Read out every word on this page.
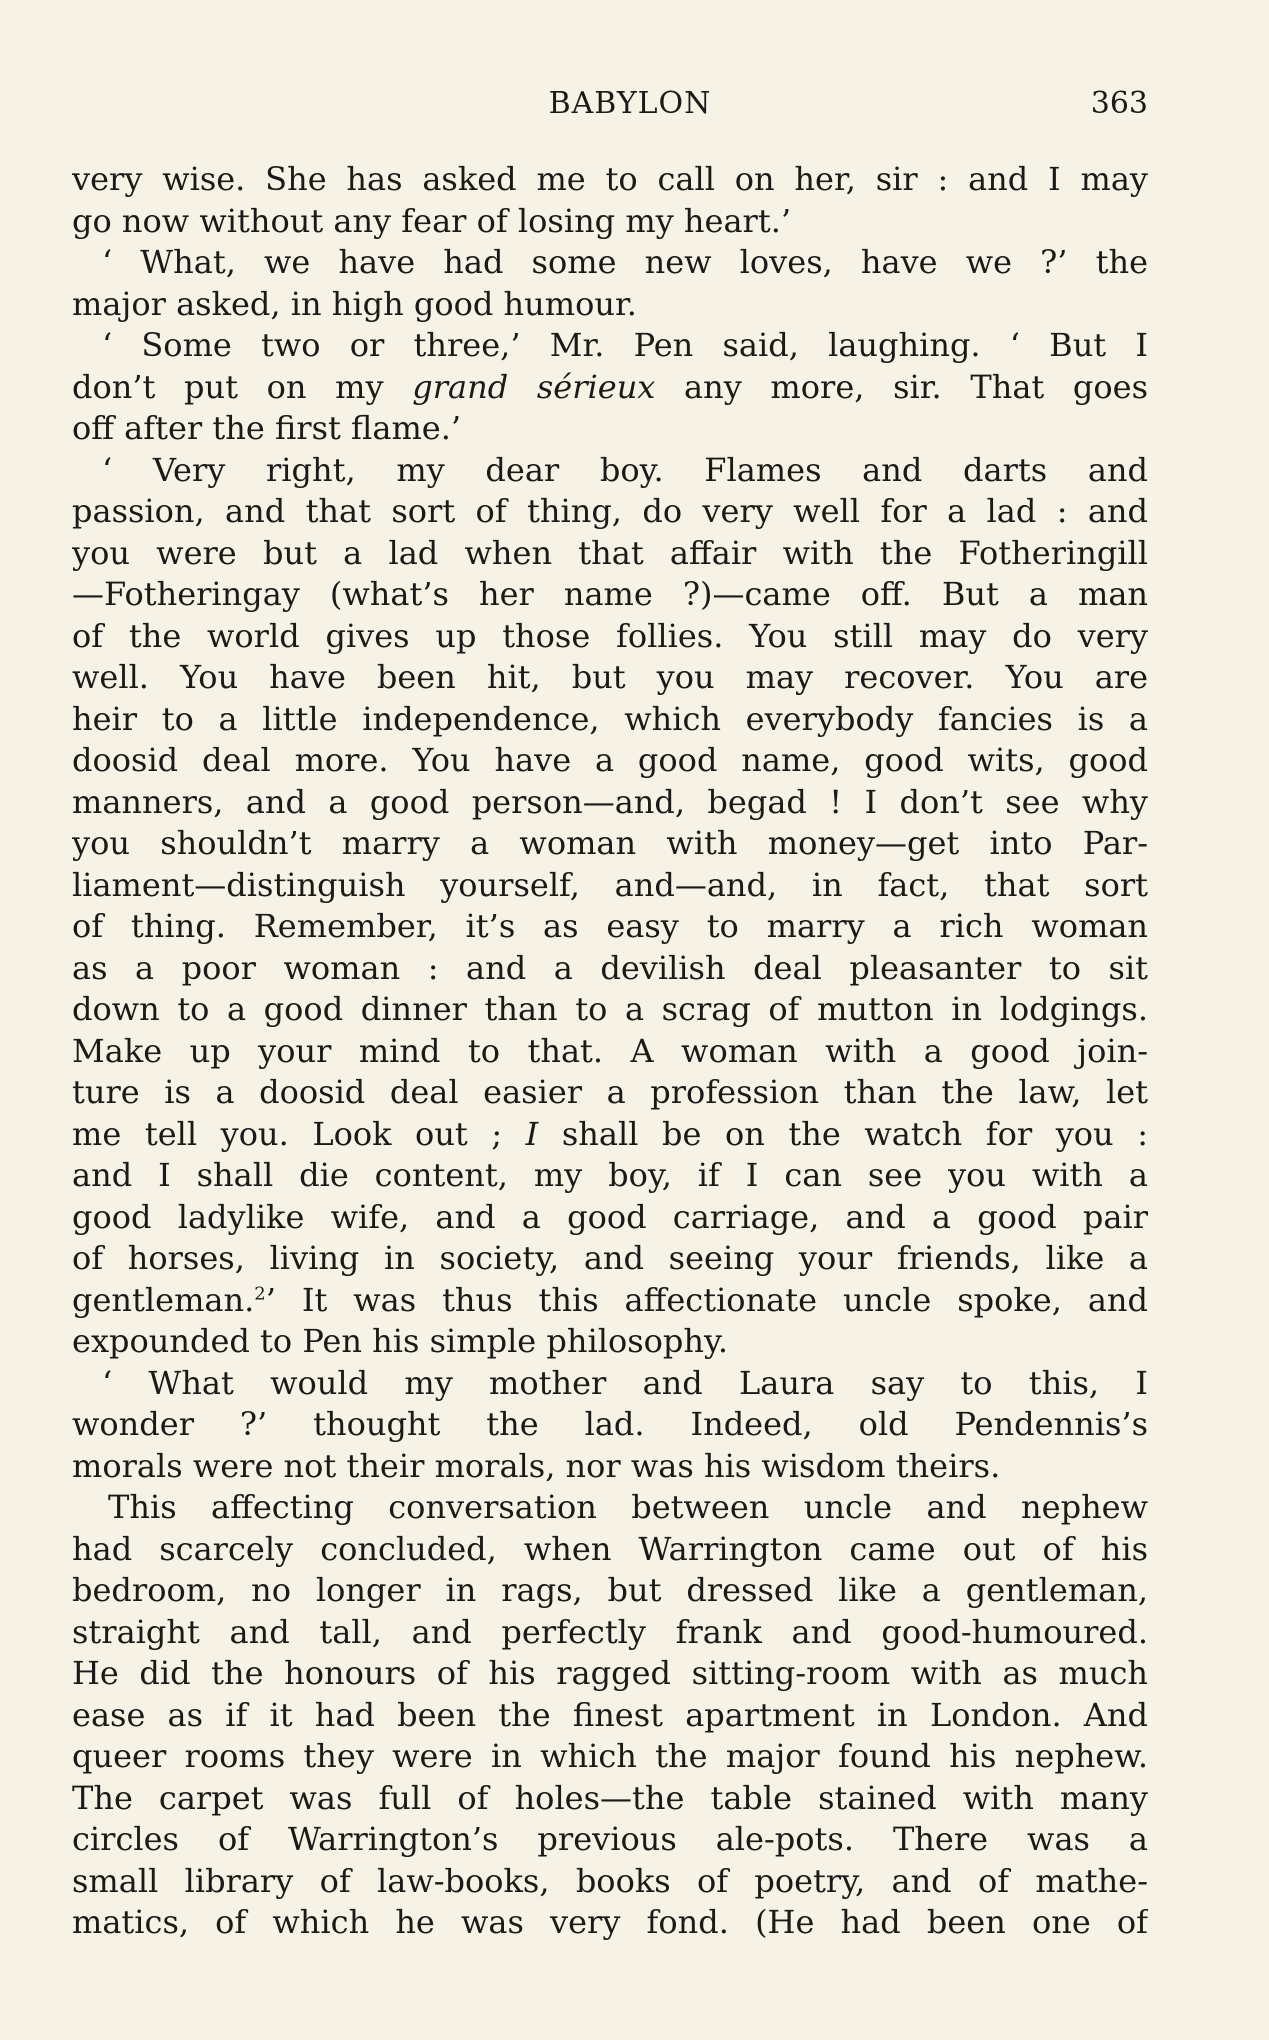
BABYLON	363
very wise. She has asked me to call on her, sir : and I may
go now without any fear of losing my heart.’
‘ What, we have had some new loves, have we ?’ the
major asked, in high good humour.
‘ Some two or three,’ Mr. Pen said, laughing. ‘ But I
don’t put on my grand sérieux any more, sir. That goes
off after the first flame.’
‘ Very right, my dear boy. Flames and darts and
passion, and that sort of thing, do very well for a lad : and
you were but a lad when that affair with the Fotheringill
—Fotheringay (what’s her name ?)—came off. But a man
of the world gives up those follies. You still may do very
well. You have been hit, but you may recover. You are
heir to a little independence, which everybody fancies is a
doosid deal more. You have a good name, good wits, good
manners, and a good person—and, begad ! I don’t see why
you shouldn’t marry a woman with money—get into Par-
liament—distinguish yourself, and—and, in fact, that sort
of thing. Remember, it’s as easy to marry a rich woman
as a poor woman : and a devilish deal pleasanter to sit
down to a good dinner than to a scrag of mutton in lodgings.
Make up your mind to that. A woman with a good join-
ture is a doosid deal easier a profession than the law, let
me tell you. Look out ; I shall be on the watch for you :
and I shall die content, my boy, if I can see you with a
good ladylike wife, and a good carriage, and a good pair
of horses, living in society, and seeing your friends, like a
gentleman.$^2$’ It was thus this affectionate uncle spoke, and
expounded to Pen his simple philosophy.
‘ What would my mother and Laura say to this, I
wonder ?’ thought the lad. Indeed, old Pendennis’s
morals were not their morals, nor was his wisdom theirs.
This affecting conversation between uncle and nephew
had scarcely concluded, when Warrington came out of his
bedroom, no longer in rags, but dressed like a gentleman,
straight and tall, and perfectly frank and good-humoured.
He did the honours of his ragged sitting-room with as much
ease as if it had been the finest apartment in London. And
queer rooms they were in which the major found his nephew.
The carpet was full of holes—the table stained with many
circles of Warrington’s previous ale-pots. There was a
small library of law-books, books of poetry, and of mathe-
matics, of which he was very fond. (He had been one of
